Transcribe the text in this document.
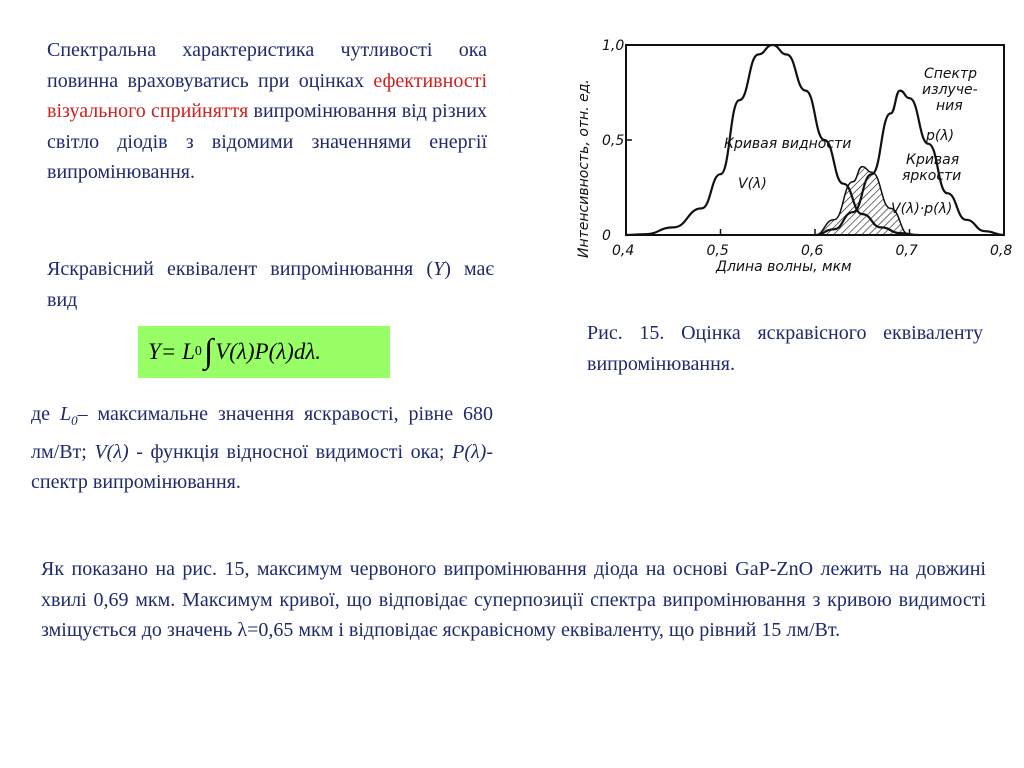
Спектральна характеристика чутливості ока повинна враховуватись при оцінках ефективності візуального сприйняття випромінювання від різних світло діодів з відомими значеннями енергії випромінювання.
Яскравісний еквівалент випромінювання (Y) має вид
Y = L 0 ∫ V(λ)P(λ)dλ.
де $L_0-$ максимальне значення яскравості, рівне 680 лм/Вт; V(λ) - функція відносної видимості ока; P(λ)- спектр випромінювання.
Рис. 15. Оцінка яскравісного еквіваленту випромінювання.
Як показано на рис. 15, максимум червоного випромінювання діода на основі GaP-ZnO лежить на довжині хвилі 0,69 мкм. Максимум кривої, що відповідає суперпозиції спектра випромінювання з кривою видимості зміщується до значень λ=0,65 мкм і відповідає яскравісному еквіваленту, що рівний 15 лм/Вт.
0,4	0,5	0,6	0,7	0,8
0
0,5
1,0
Длина волны, мкм
Интенсивность, отн. ед.	Кривая видности
V(λ)
Спектр
излуче-
ния
p(λ)
Кривая
яркости
V(λ)·p(λ)
